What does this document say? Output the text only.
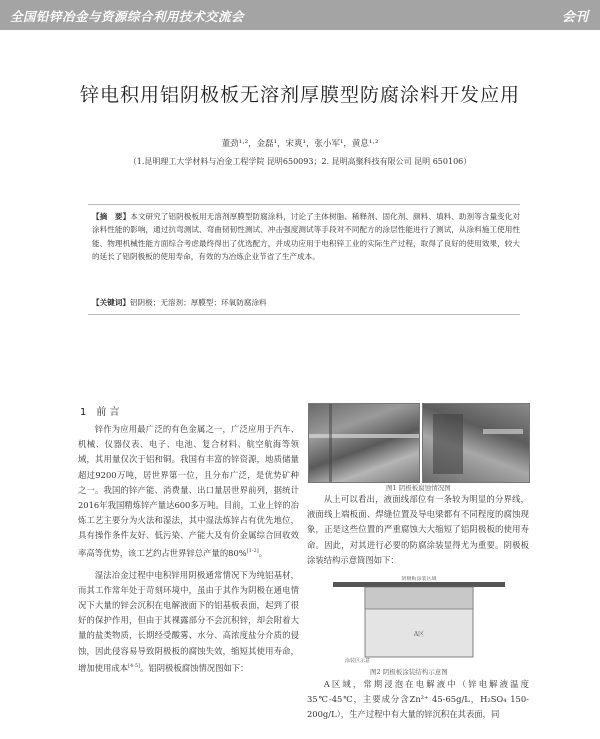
全国铅锌冶金与资源综合利用技术交流会	会刊
锌电积用铝阴极板无溶剂厚膜型防腐涂料开发应用
董劲¹·²，金磊¹，宋爽¹，张小军¹，黄息¹·²
（1.昆明理工大学材料与冶金工程学院 昆明650093；2. 昆明高聚科技有限公司 昆明 650106）
【摘　要】本文研究了铝阴极板用无溶剂厚膜型防腐涂料，讨论了主体树脂、稀释剂、固化剂、颜料、填料、助剂等含量变化对涂料性能的影响，通过抗弯测试、弯曲韧韧性测试、冲击强度测试等手段对不同配方的涂层性能进行了测试，从涂料施工使用性能、物理机械性能方面综合考虑最终得出了优选配方，并成功应用于电积锌工业的实际生产过程，取得了良好的使用效果，较大的延长了铝阴极板的使用寿命，有效的为冶炼企业节省了生产成本。
【关键词】铝阴极；无溶剂；厚膜型；环氧防腐涂料
1　前 言

锌作为应用最广泛的有色金属之一，广泛应用于汽车、机械、仪器仪表、电子、电池、复合材料、航空航海等领域，其用量仅次于铝和铜。我国有丰富的锌资源，地质储量超过9200万吨，居世界第一位，且分布广泛，是优势矿种之一。我国的锌产能、消费量、出口量居世界前列，据统计2016年我国精炼锌产量达600多万吨。目前，工业上锌的冶炼工艺主要分为火法和湿法，其中湿法炼锌占有优先地位，具有操作条件友好、低污染、产能大及有价金属综合回收效率高等优势，该工艺约占世界锌总产量的80%[1-2]。

湿法冶金过程中电积锌用阴极通常情况下为纯铝基材，而其工作常年处于苛刻环境中，虽由于其作为阴极在通电情况下大量的锌会沉积在电解液面下的铝基板表面，起到了很好的保护作用，但由于其裸露部分不会沉积锌，却会附着大量的盐类物质，长期经受酸雾、水分、高浓度盐分介质的侵蚀，因此侵容易导致阴极板的腐蚀失效，缩短其使用寿命，增加使用成本[4-5]。铝阴极板腐蚀情况图如下：

图1 阴极板腐蚀情况图

从上可以看出，液面线部位有一条较为明显的分界线，液面线上端板面、焊缝位置及导电梁都有不同程度的腐蚀现象，正是这些位置的严重腐蚀大大缩短了铝阴极板的使用寿命。因此，对其进行必要的防腐涂装显得尤为重要。阴极板涂装结构示意简图如下：

阴极板涂装区域
涂装区示意
A区
图2 阴极板涂装结构示意图

A区域，常期浸泡在电解液中（锌电解液温度35℃-45℃，主要成分含Zn²⁺ 45-65g/L，H₂SO₄ 150-200g/L），生产过程中有大量的锌沉积在其表面，同
